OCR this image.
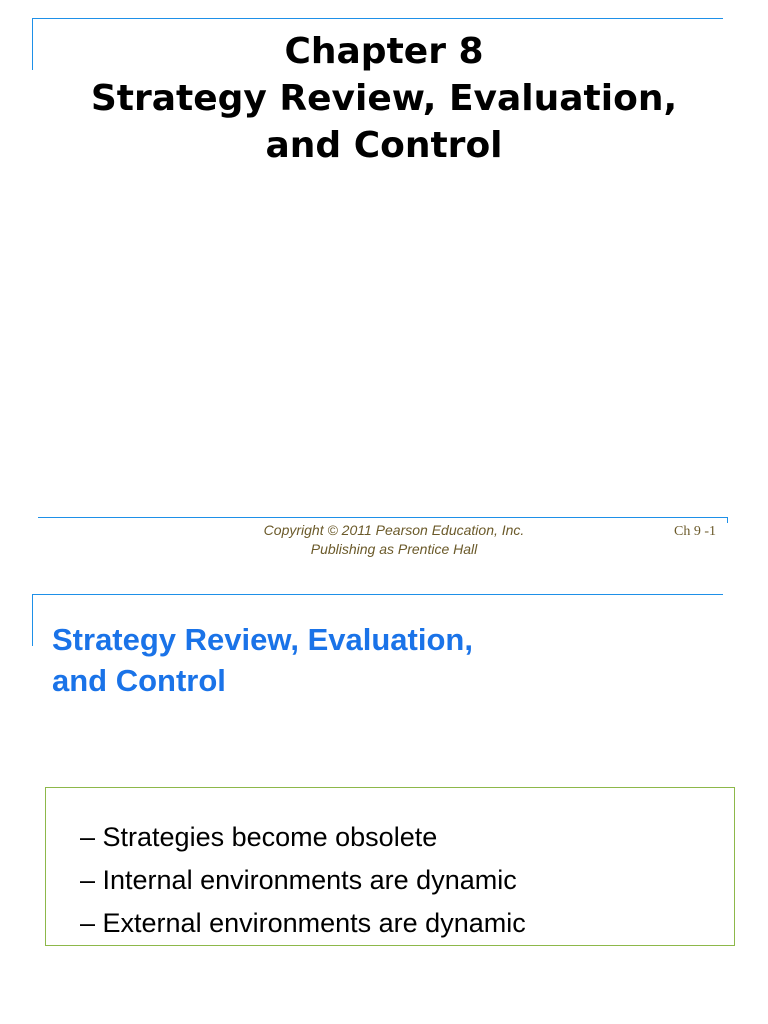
Chapter 8
Strategy Review, Evaluation,
and Control
Copyright © 2011 Pearson Education, Inc.
Publishing as Prentice Hall
Ch 9 -1
Strategy Review, Evaluation,
and Control
– Strategies become obsolete
– Internal environments are dynamic
– External environments are dynamic
